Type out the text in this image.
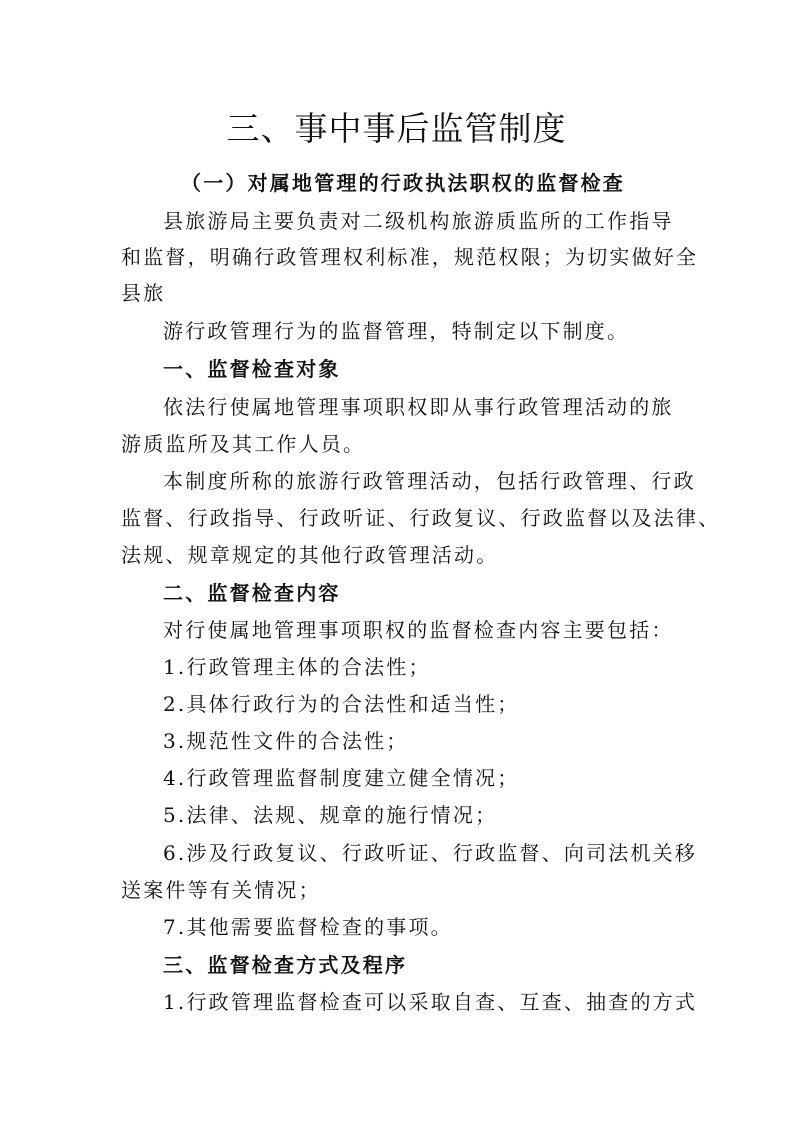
三、事中事后监管制度
（一）对属地管理的行政执法职权的监督检查
县旅游局主要负责对二级机构旅游质监所的工作指导
和监督，明确行政管理权利标准，规范权限；为切实做好全
县旅
游行政管理行为的监督管理，特制定以下制度。
一、监督检查对象
依法行使属地管理事项职权即从事行政管理活动的旅
游质监所及其工作人员。
本制度所称的旅游行政管理活动，包括行政管理、行政
监督、行政指导、行政听证、行政复议、行政监督以及法律、
法规、规章规定的其他行政管理活动。
二、监督检查内容
对行使属地管理事项职权的监督检查内容主要包括：
1.行政管理主体的合法性；
2.具体行政行为的合法性和适当性；
3.规范性文件的合法性；
4.行政管理监督制度建立健全情况；
5.法律、法规、规章的施行情况；
6.涉及行政复议、行政听证、行政监督、向司法机关移
送案件等有关情况；
7.其他需要监督检查的事项。
三、监督检查方式及程序
1.行政管理监督检查可以采取自查、互查、抽查的方式
